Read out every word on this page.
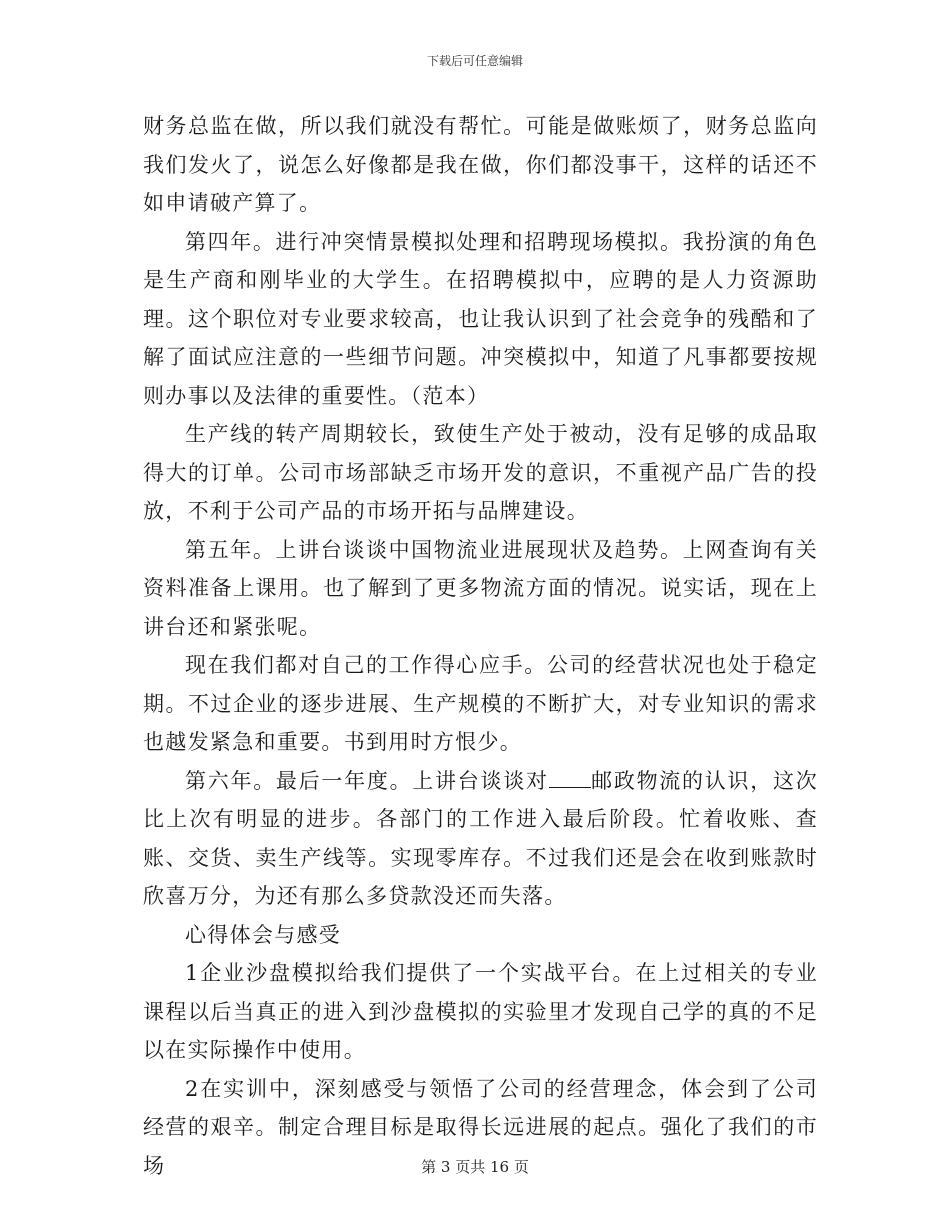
下载后可任意编辑

财务总监在做，所以我们就没有帮忙。可能是做账烦了，财务总监向我们发火了，说怎么好像都是我在做，你们都没事干，这样的话还不如申请破产算了。

第四年。进行冲突情景模拟处理和招聘现场模拟。我扮演的角色是生产商和刚毕业的大学生。在招聘模拟中，应聘的是人力资源助理。这个职位对专业要求较高，也让我认识到了社会竞争的残酷和了解了面试应注意的一些细节问题。冲突模拟中，知道了凡事都要按规则办事以及法律的重要性。（范本）

生产线的转产周期较长，致使生产处于被动，没有足够的成品取得大的订单。公司市场部缺乏市场开发的意识，不重视产品广告的投放，不利于公司产品的市场开拓与品牌建设。

第五年。上讲台谈谈中国物流业进展现状及趋势。上网查询有关资料准备上课用。也了解到了更多物流方面的情况。说实话，现在上讲台还和紧张呢。

现在我们都对自己的工作得心应手。公司的经营状况也处于稳定期。不过企业的逐步进展、生产规模的不断扩大，对专业知识的需求也越发紧急和重要。书到用时方恨少。

第六年。最后一年度。上讲台谈谈对 邮政物流的认识，这次比上次有明显的进步。各部门的工作进入最后阶段。忙着收账、查账、交货、卖生产线等。实现零库存。不过我们还是会在收到账款时欣喜万分，为还有那么多贷款没还而失落。

心得体会与感受

1企业沙盘模拟给我们提供了一个实战平台。在上过相关的专业课程以后当真正的进入到沙盘模拟的实验里才发现自己学的真的不足以在实际操作中使用。

2在实训中，深刻感受与领悟了公司的经营理念，体会到了公司经营的艰辛。制定合理目标是取得长远进展的起点。强化了我们的市场	第 3 页共 16 页
